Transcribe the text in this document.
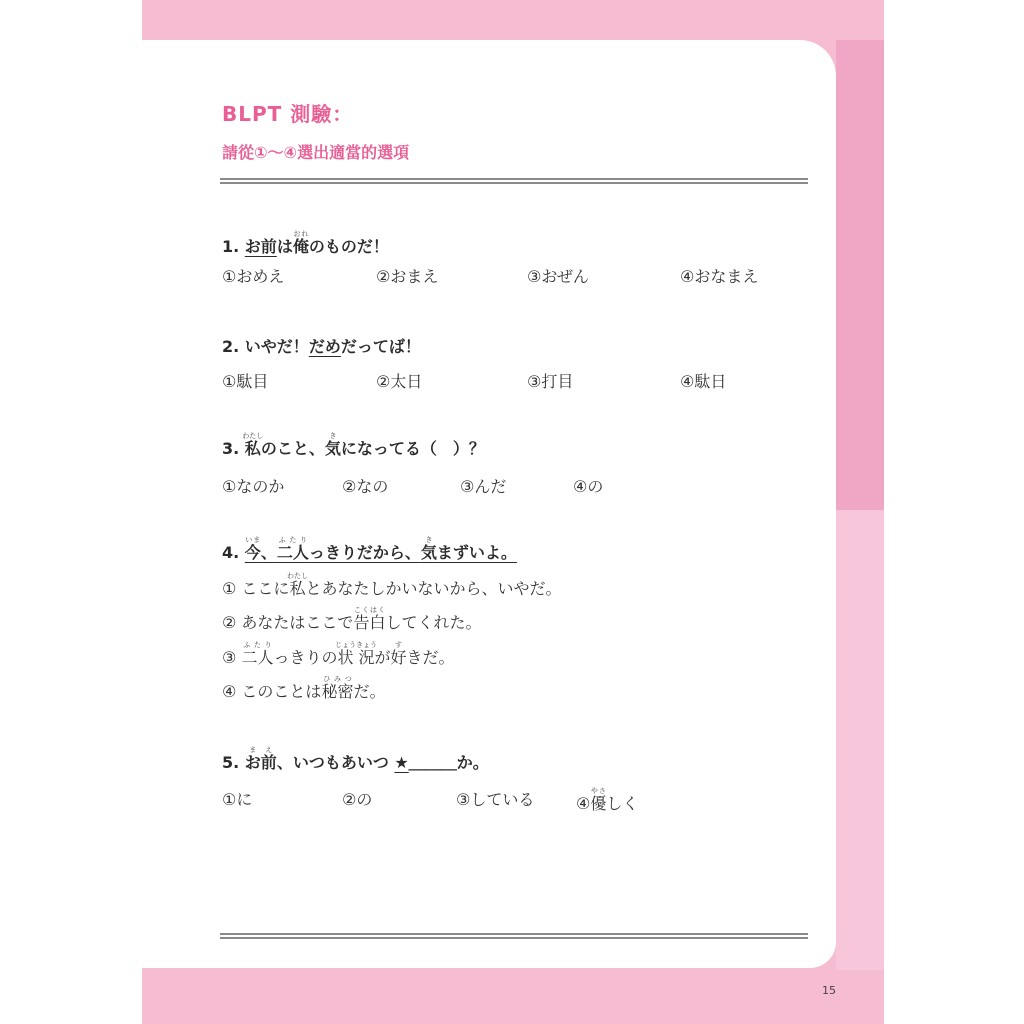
BLPT 測驗：
請從①～④選出適當的選項
1. お前は俺おれのものだ！
①おめえ	②おまえ	③おぜん	④おなまえ
2. いやだ！だめだってば！
①駄目	②太日	③打目	④駄日
3. 私わたしのこと、気きになってる（　）？
①なのか	②なの	③んだ	④の
4. 今いま、二人ふたりっきりだから、気きまずいよ。
① ここに私わたしとあなたしかいないから、いやだ。
② あなたはここで告白こくはくしてくれた。
③ 二人ふたりっきりの状況じょうきょうが好すきだ。
④ このことは秘密ひみつだ。
5. お前まえ、いつもあいつ ★＿＿＿か。
①に	②の	③している	④優やさしく
15
